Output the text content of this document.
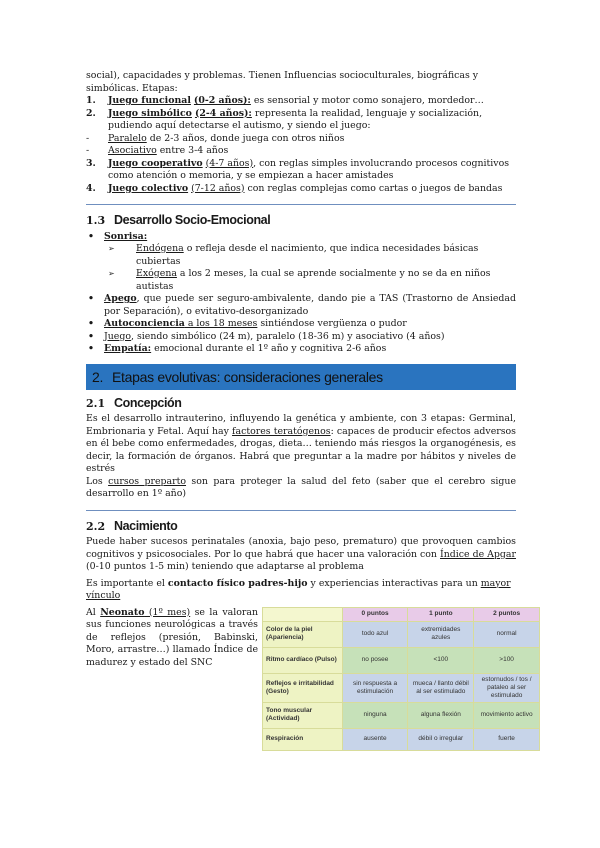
social), capacidades y problemas. Tienen Influencias socioculturales, biográficas y simbólicas. Etapas:

1. Juego funcional (0-2 años): es sensorial y motor como sonajero, mordedor…
2. Juego simbólico (2-4 años): representa la realidad, lenguaje y socialización, pudiendo aquí detectarse el autismo, y siendo el juego:
- Paralelo de 2-3 años, donde juega con otros niños
- Asociativo entre 3-4 años
3. Juego cooperativo (4-7 años), con reglas simples involucrando procesos cognitivos como atención o memoria, y se empiezan a hacer amistades
4. Juego colectivo (7-12 años) con reglas complejas como cartas o juegos de bandas
1.3 Desarrollo Socio-Emocional
• Sonrisa:
➢ Endógena o refleja desde el nacimiento, que indica necesidades básicas cubiertas
➢ Exógena a los 2 meses, la cual se aprende socialmente y no se da en niños autistas
• Apego, que puede ser seguro-ambivalente, dando pie a TAS (Trastorno de Ansiedad por Separación), o evitativo-desorganizado
• Autoconciencia a los 18 meses sintiéndose vergüenza o pudor
• Juego, siendo simbólico (24 m), paralelo (18-36 m) y asociativo (4 años)
• Empatía: emocional durante el 1º año y cognitiva 2-6 años
2. Etapas evolutivas: consideraciones generales
2.1 Concepción

Es el desarrollo intrauterino, influyendo la genética y ambiente, con 3 etapas: Germinal, Embrionaria y Fetal. Aquí hay factores teratógenos: capaces de producir efectos adversos en él bebe como enfermedades, drogas, dieta… teniendo más riesgos la organogénesis, es decir, la formación de órganos. Habrá que preguntar a la madre por hábitos y niveles de estrés

Los cursos preparto son para proteger la salud del feto (saber que el cerebro sigue desarrollo en 1º año)

2.2 Nacimiento

Puede haber sucesos perinatales (anoxia, bajo peso, prematuro) que provoquen cambios cognitivos y psicosociales. Por lo que habrá que hacer una valoración con Índice de Apgar (0-10 puntos 1-5 min) teniendo que adaptarse al problema

Es importante el contacto físico padres-hijo y experiencias interactivas para un mayor vínculo

Al Neonato (1º mes) se la valoran sus funciones neurológicas a través de reflejos (presión, Babinski, Moro, arrastre…) llamado Índice de madurez y estado del SNC

	0 puntos	1 punto	2 puntos
Color de la piel (Apariencia)	todo azul	extremidades azules	normal
Ritmo cardíaco (Pulso)	no posee	<100	>100
Reflejos e irritabilidad (Gesto)	sin respuesta a estimulación	mueca / llanto débil al ser estimulado	estornudos / tos / pataleo al ser estimulado
Tono muscular (Actividad)	ninguna	alguna flexión	movimiento activo
Respiración	ausente	débil o irregular	fuerte
